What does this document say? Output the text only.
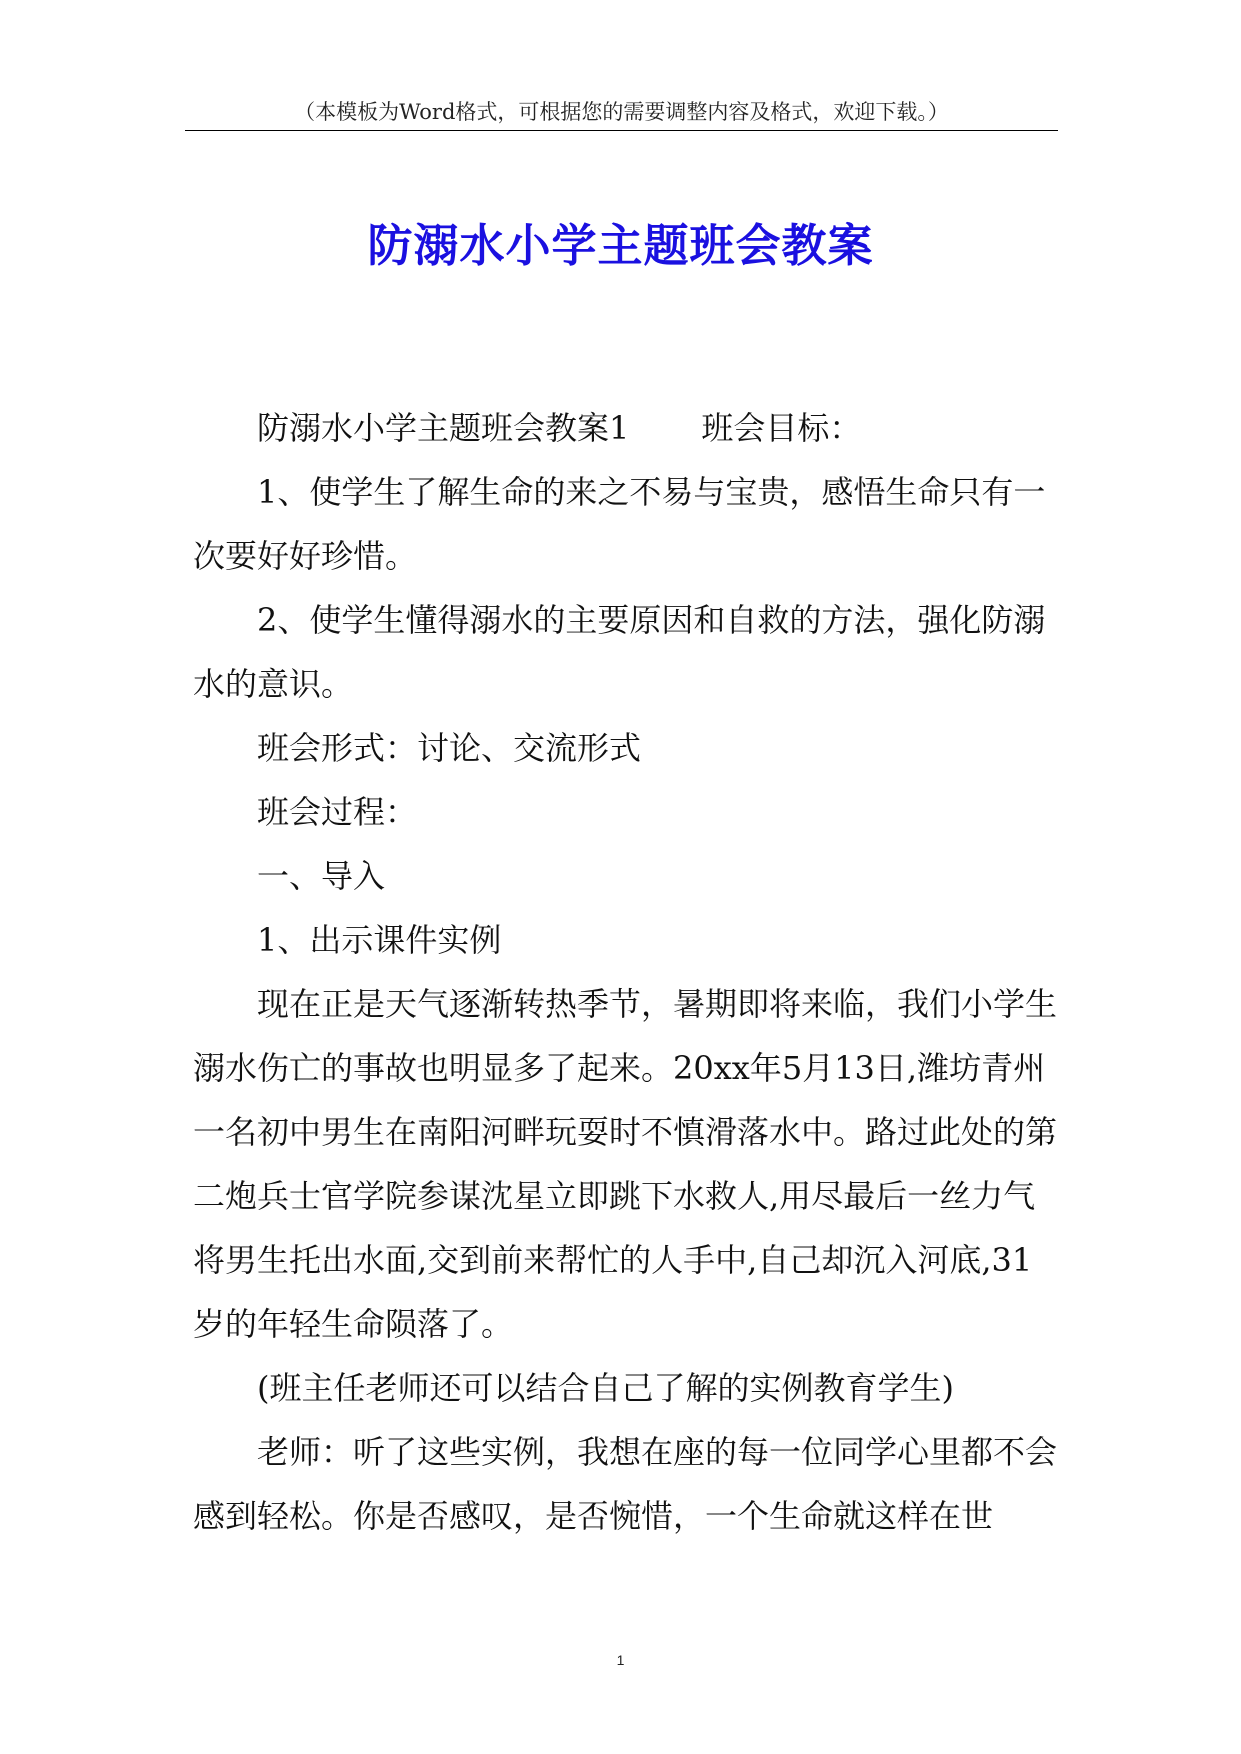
（本模板为Word格式，可根据您的需要调整内容及格式，欢迎下载。）
防溺水小学主题班会教案

防溺水小学主题班会教案1 班会目标：

1、使学生了解生命的来之不易与宝贵，感悟生命只有一次要好好珍惜。

2、使学生懂得溺水的主要原因和自救的方法，强化防溺水的意识。

班会形式：讨论、交流形式

班会过程：

一、导入

1、出示课件实例

现在正是天气逐渐转热季节，暑期即将来临，我们小学生溺水伤亡的事故也明显多了起来。20xx年5月13日,潍坊青州一名初中男生在南阳河畔玩耍时不慎滑落水中。路过此处的第二炮兵士官学院参谋沈星立即跳下水救人,用尽最后一丝力气将男生托出水面,交到前来帮忙的人手中,自己却沉入河底,31岁的年轻生命陨落了。

(班主任老师还可以结合自己了解的实例教育学生)

老师：听了这些实例，我想在座的每一位同学心里都不会感到轻松。你是否感叹，是否惋惜，一个生命就这样在世

1
